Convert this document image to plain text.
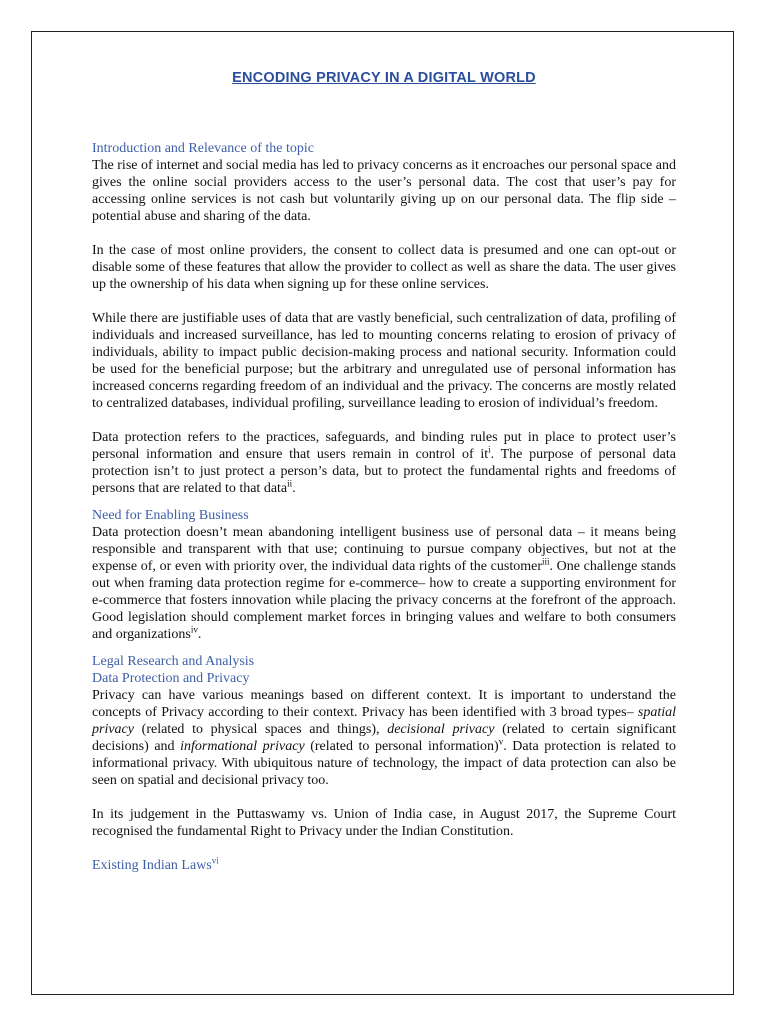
ENCODING PRIVACY IN A DIGITAL WORLD
Introduction and Relevance of the topic

The rise of internet and social media has led to privacy concerns as it encroaches our personal space and gives the online social providers access to the user’s personal data. The cost that user’s pay for accessing online services is not cash but voluntarily giving up on our personal data. The flip side – potential abuse and sharing of the data.

In the case of most online providers, the consent to collect data is presumed and one can opt-out or disable some of these features that allow the provider to collect as well as share the data. The user gives up the ownership of his data when signing up for these online services.

While there are justifiable uses of data that are vastly beneficial, such centralization of data, profiling of individuals and increased surveillance, has led to mounting concerns relating to erosion of privacy of individuals, ability to impact public decision-making process and national security. Information could be used for the beneficial purpose; but the arbitrary and unregulated use of personal information has increased concerns regarding freedom of an individual and the privacy. The concerns are mostly related to centralized databases, individual profiling, surveillance leading to erosion of individual’s freedom.

Data protection refers to the practices, safeguards, and binding rules put in place to protect user’s personal information and ensure that users remain in control of $it^i$. The purpose of personal data protection isn’t to just protect a person’s data, but to protect the fundamental rights and freedoms of persons that are related to that data$^{ii}$.

Need for Enabling Business

Data protection doesn’t mean abandoning intelligent business use of personal data – it means being responsible and transparent with that use; continuing to pursue company objectives, but not at the expense of, or even with priority over, the individual data rights of the customer$^{iii}$. One challenge stands out when framing data protection regime for e-commerce– how to create a supporting environment for e-commerce that fosters innovation while placing the privacy concerns at the forefront of the approach. Good legislation should complement market forces in bringing values and welfare to both consumers and organizations$^{iv}$.

Legal Research and Analysis
Data Protection and Privacy

Privacy can have various meanings based on different context. It is important to understand the concepts of Privacy according to their context. Privacy has been identified with 3 broad types– spatial privacy (related to physical spaces and things), decisional privacy (related to certain significant decisions) and informational privacy (related to personal information)$^v$. Data protection is related to informational privacy. With ubiquitous nature of technology, the impact of data protection can also be seen on spatial and decisional privacy too.

In its judgement in the Puttaswamy vs. Union of India case, in August 2017, the Supreme Court recognised the fundamental Right to Privacy under the Indian Constitution.

Existing Indian Laws$^{vi}$
